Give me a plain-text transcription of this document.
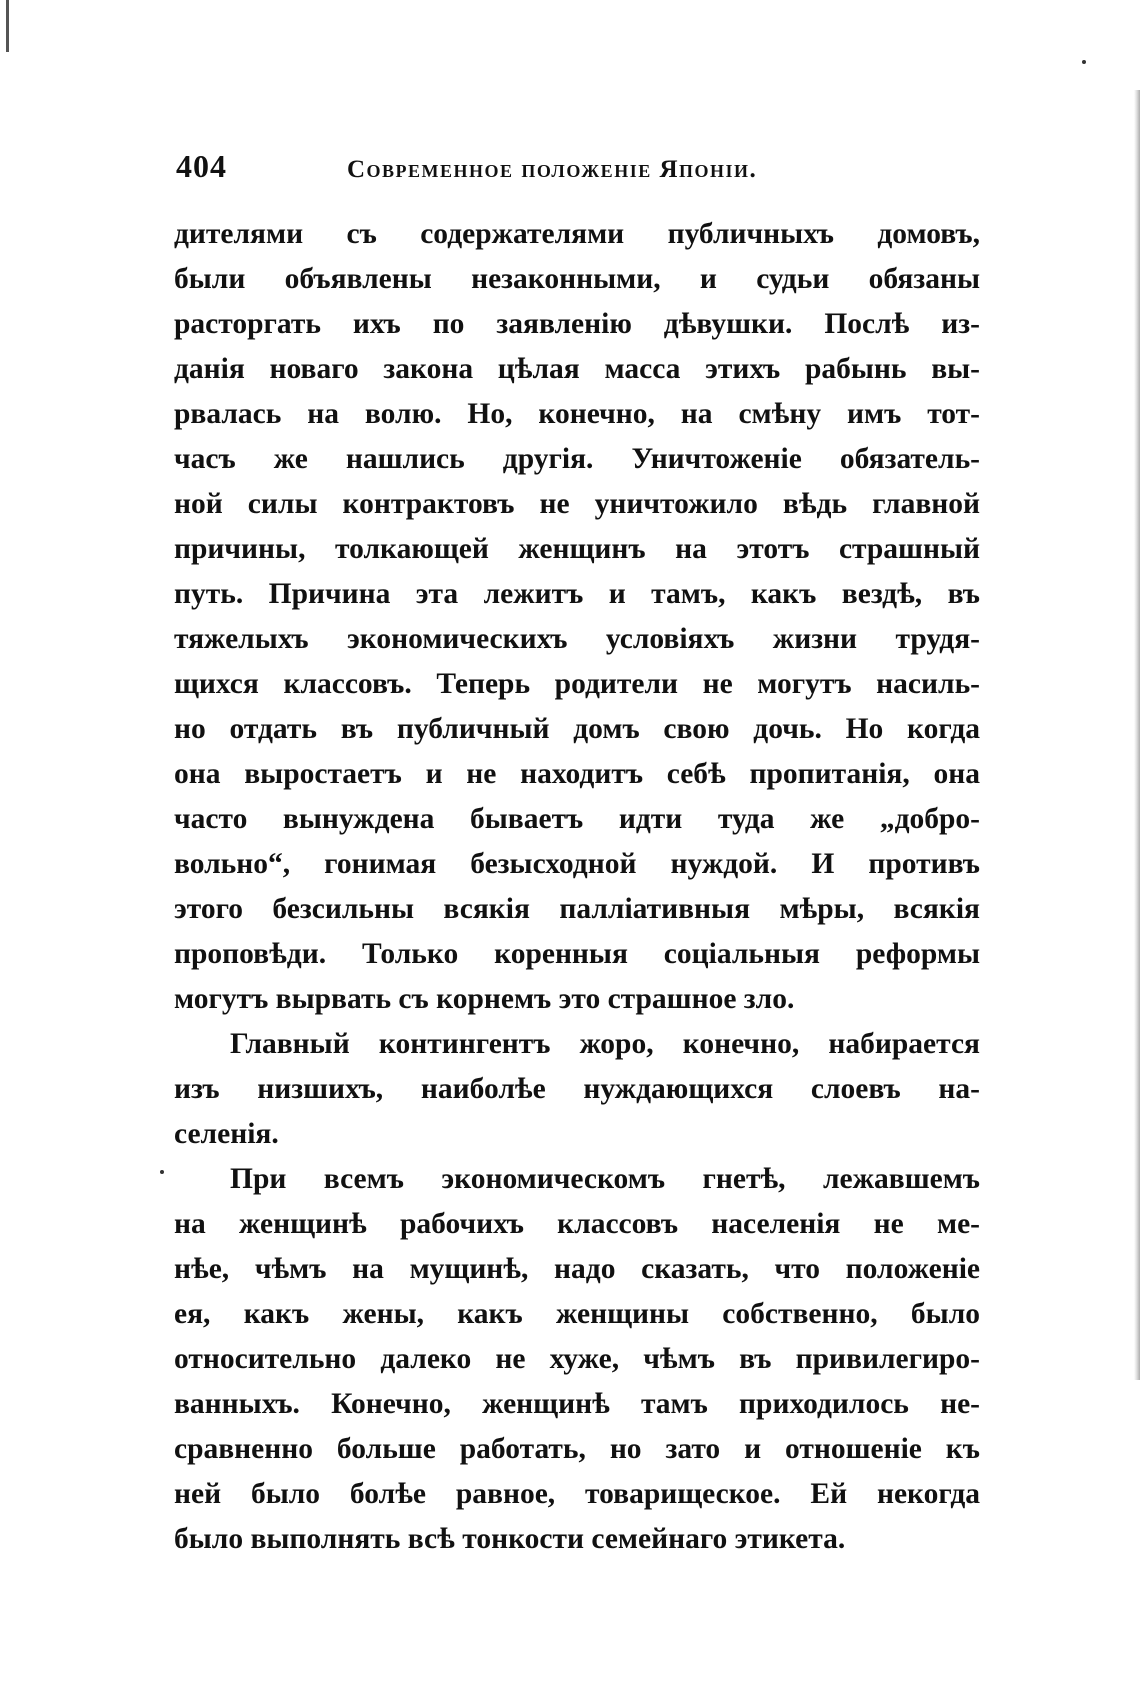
404	Современное положеніе Японіи.
дителями съ содержателями публичныхъ домовъ,
были объявлены незаконными, и судьи обязаны
расторгать ихъ по заявленію дѣвушки. Послѣ из-
данія новаго закона цѣлая масса этихъ рабынь вы-
рвалась на волю. Но, конечно, на смѣну имъ тот-
часъ же нашлись другія. Уничтоженіе обязатель-
ной силы контрактовъ не уничтожило вѣдь главной
причины, толкающей женщинъ на этотъ страшный
путь. Причина эта лежитъ и тамъ, какъ вездѣ, въ
тяжелыхъ экономическихъ условіяхъ жизни трудя-
щихся классовъ. Теперь родители не могутъ насиль-
но отдать въ публичный домъ свою дочь. Но когда
она выростаетъ и не находитъ себѣ пропитанія, она
часто вынуждена бываетъ идти туда же „добро-
вольно“, гонимая безысходной нуждой. И противъ
этого безсильны всякія палліативныя мѣры, всякія
проповѣди. Только коренныя соціальныя реформы
могутъ вырвать съ корнемъ это страшное зло.
Главный контингентъ жоро, конечно, набирается
изъ низшихъ, наиболѣе нуждающихся слоевъ на-
селенія.
При всемъ экономическомъ гнетѣ, лежавшемъ
на женщинѣ рабочихъ классовъ населенія не ме-
нѣе, чѣмъ на мущинѣ, надо сказать, что положеніе
ея, какъ жены, какъ женщины собственно, было
относительно далеко не хуже, чѣмъ въ привилегиро-
ванныхъ. Конечно, женщинѣ тамъ приходилось не-
сравненно больше работать, но зато и отношеніе къ
ней было болѣе равное, товарищеское. Ей некогда
было выполнять всѣ тонкости семейнаго этикета.
